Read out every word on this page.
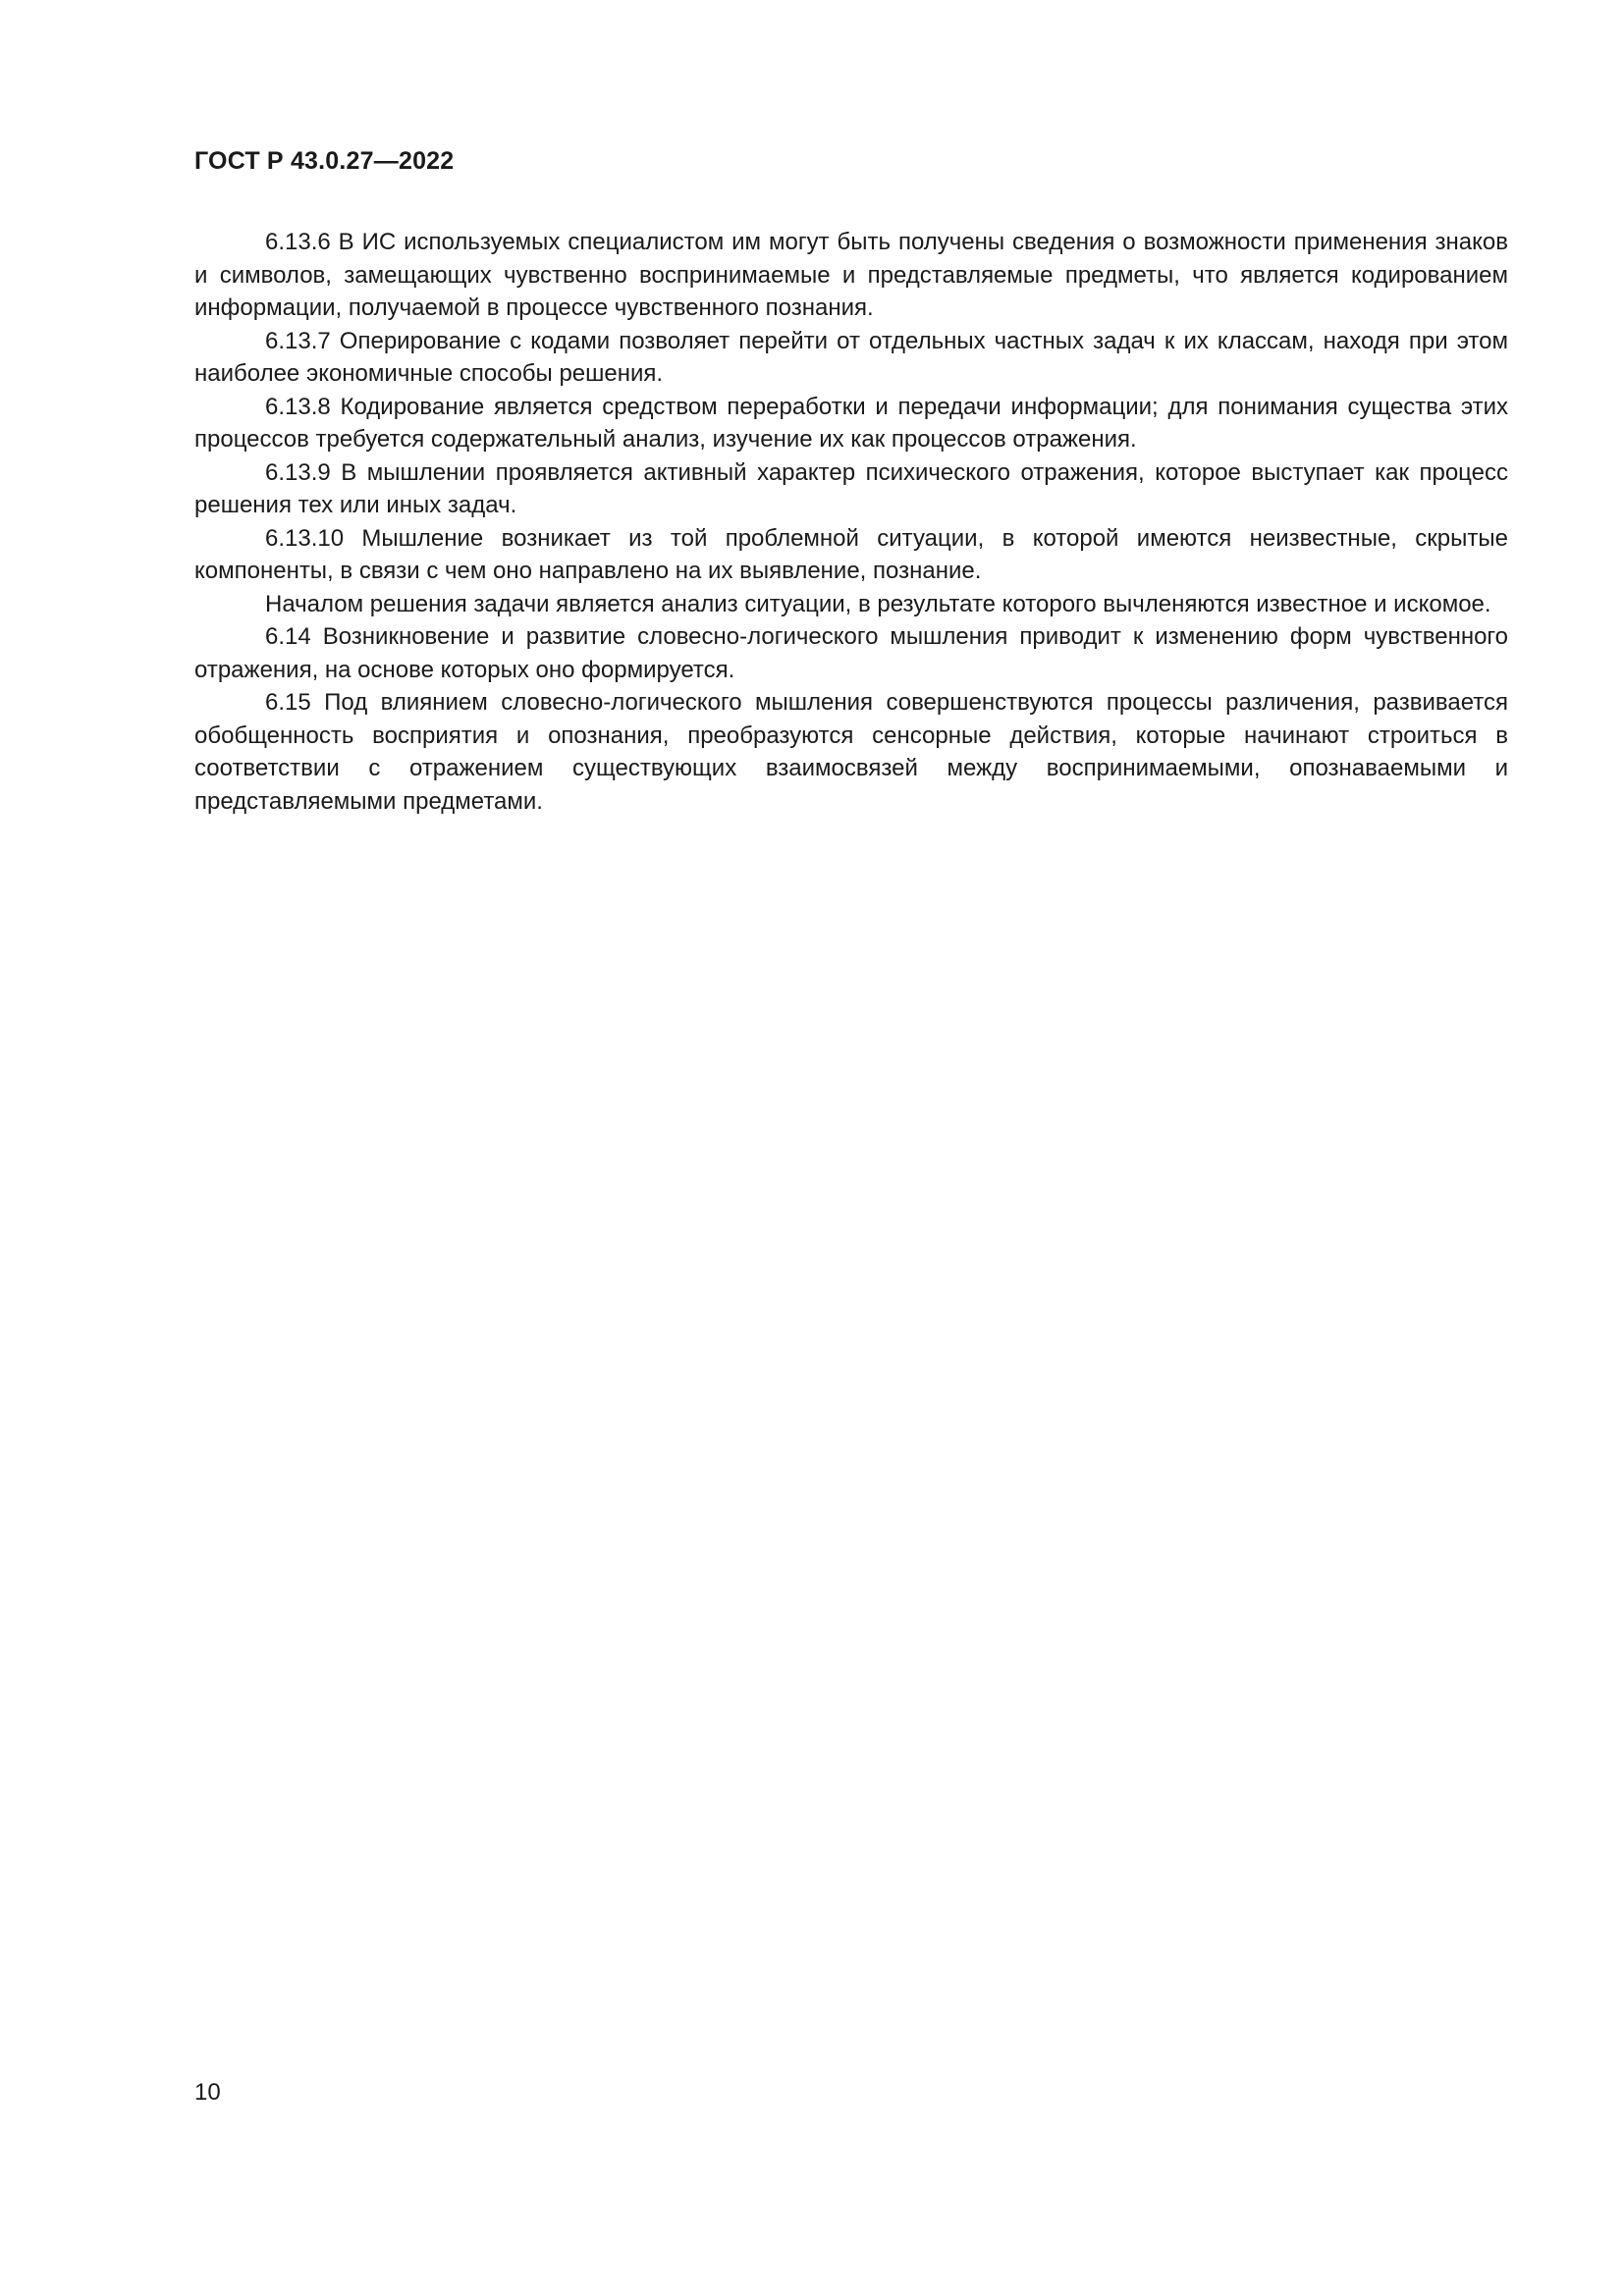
ГОСТ Р 43.0.27—2022

6.13.6 В ИС используемых специалистом им могут быть получены сведения о возможности применения знаков и символов, замещающих чувственно воспринимаемые и представляемые предметы, что является кодированием информации, получаемой в процессе чувственного познания.

6.13.7 Оперирование с кодами позволяет перейти от отдельных частных задач к их классам, находя при этом наиболее экономичные способы решения.

6.13.8 Кодирование является средством переработки и передачи информации; для понимания существа этих процессов требуется содержательный анализ, изучение их как процессов отражения.

6.13.9 В мышлении проявляется активный характер психического отражения, которое выступает как процесс решения тех или иных задач.

6.13.10 Мышление возникает из той проблемной ситуации, в которой имеются неизвестные, скрытые компоненты, в связи с чем оно направлено на их выявление, познание.

Началом решения задачи является анализ ситуации, в результате которого вычленяются известное и искомое.

6.14 Возникновение и развитие словесно-логического мышления приводит к изменению форм чувственного отражения, на основе которых оно формируется.

6.15 Под влиянием словесно-логического мышления совершенствуются процессы различения, развивается обобщенность восприятия и опознания, преобразуются сенсорные действия, которые начинают строиться в соответствии с отражением существующих взаимосвязей между воспринимаемыми, опознаваемыми и представляемыми предметами.

10
